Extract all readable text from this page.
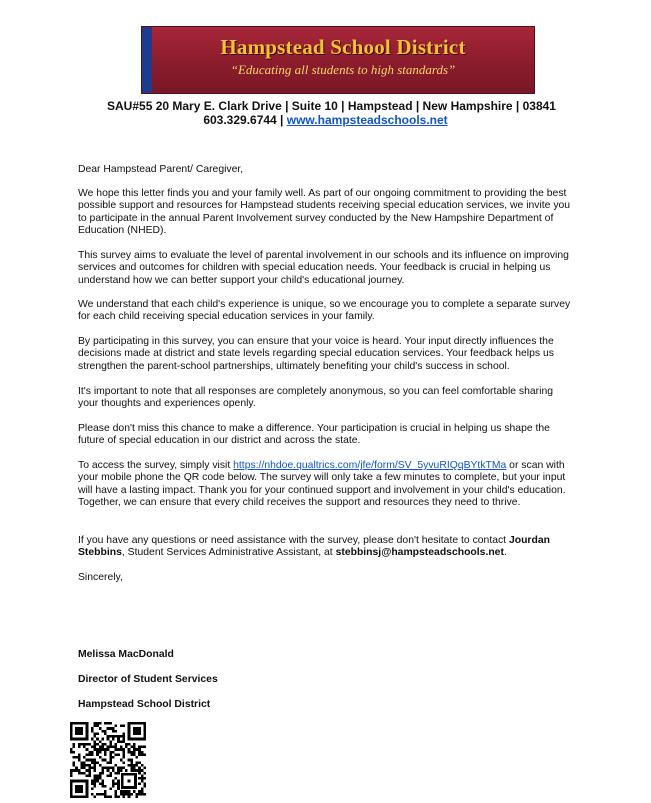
Hampstead School District
“Educating all students to high standards”
SAU#55 20 Mary E. Clark Drive | Suite 10 | Hampstead | New Hampshire | 03841
603.329.6744 | www.hampsteadschools.net

Dear Hampstead Parent/ Caregiver,

We hope this letter finds you and your family well. As part of our ongoing commitment to providing the best possible support and resources for Hampstead students receiving special education services, we invite you to participate in the annual Parent Involvement survey conducted by the New Hampshire Department of Education (NHED).

This survey aims to evaluate the level of parental involvement in our schools and its influence on improving services and outcomes for children with special education needs. Your feedback is crucial in helping us understand how we can better support your child's educational journey.

We understand that each child's experience is unique, so we encourage you to complete a separate survey for each child receiving special education services in your family.

By participating in this survey, you can ensure that your voice is heard. Your input directly influences the decisions made at district and state levels regarding special education services. Your feedback helps us strengthen the parent-school partnerships, ultimately benefiting your child's success in school.

It's important to note that all responses are completely anonymous, so you can feel comfortable sharing your thoughts and experiences openly.

Please don't miss this chance to make a difference. Your participation is crucial in helping us shape the future of special education in our district and across the state.

To access the survey, simply visit https://nhdoe.qualtrics.com/jfe/form/SV_5yvuRIQqBYtkTMa or scan with your mobile phone the QR code below. The survey will only take a few minutes to complete, but your input will have a lasting impact. Thank you for your continued support and involvement in your child's education. Together, we can ensure that every child receives the support and resources they need to thrive.

If you have any questions or need assistance with the survey, please don't hesitate to contact Jourdan Stebbins, Student Services Administrative Assistant, at stebbinsj@hampsteadschools.net.

Sincerely,

Melissa MacDonald
Director of Student Services
Hampstead School District
